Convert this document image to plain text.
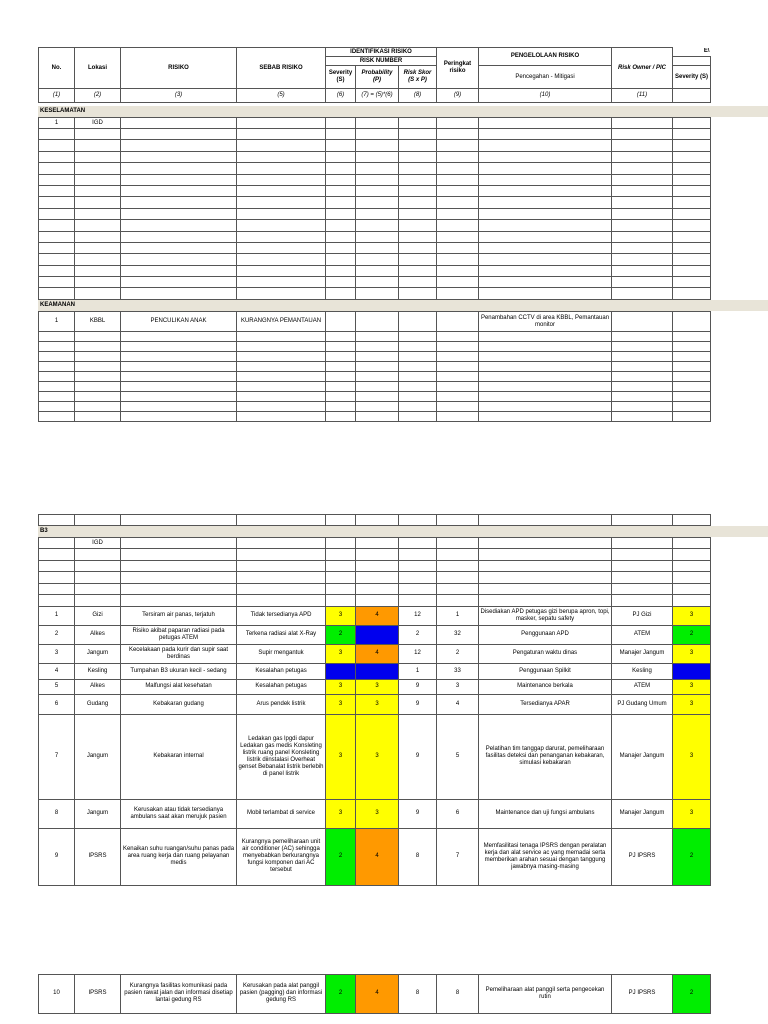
No.	Lokasi	RISIKO	SEBAB RISIKO	IDENTIFIKASI RISIKO			Peringkat risiko	PENGELOLAAN RISIKO	Risk Owner / PIC	E\
				RISK NUMBER						
				Severity (S)	Probability (P)	Risk Skor (S x P)		Pencegahan - Mitigasi		Severity (S)
(1)	(2)	(3)	(5)	(6)	(7) = (5)*(6)	(8)	(9)	(10)	(11)	
KESELAMATAN
1	IGD									

KEAMANAN
1	KBBL	PENCULIKAN ANAK	KURANGNYA PEMANTAUAN					Penambahan CCTV di area KBBL, Pemantauan monitor		

B3
	IGD									

1	Gizi	Tersiram air panas, terjatuh	Tidak tersedianya APD	3	4	12	1	Disediakan APD petugas gizi berupa apron, topi, masker, sepatu safety	PJ Gizi	3
2	Alkes	Risiko akibat paparan radiasi pada petugas ATEM	Terkena radiasi alat X-Ray	2	1	2	32	Penggunaan APD	ATEM	2
3	Jangum	Kecelakaan pada kurir dan supir saat berdinas	Supir mengantuk	3	4	12	2	Pengaturan waktu dinas	Manajer Jangum	3
4	Kesling	Tumpahan B3 ukuran kecil - sedang	Kesalahan petugas	1	1	1	33	Penggunaan Spilkit	Kesling	1
5	Alkes	Malfungsi alat kesehatan	Kesalahan petugas	3	3	9	3	Maintenance berkala	ATEM	3
6	Gudang	Kebakaran gudang	Arus pendek listrik	3	3	9	4	Tersedianya APAR	PJ Gudang Umum	3
7	Jangum	Kebakaran internal	Ledakan gas lpgdi dapur Ledakan gas medis Konsleting listrik ruang panel Konsleting listrik diinstalasi Overheat genset Bebanalat listrik berlebih di panel listrik	3	3	9	5	Pelatihan tim tanggap darurat, pemeliharaan fasilitas deteksi dan penanganan kebakaran, simulasi kebakaran	Manajer Jangum	3
8	Jangum	Kerusakan atau tidak tersedianya ambulans saat akan merujuk pasien	Mobil terlambat di service	3	3	9	6	Maintenance dan uji fungsi ambulans	Manajer Jangum	3
9	IPSRS	Kenaikan suhu ruangan/suhu panas pada area ruang kerja dan ruang pelayanan medis	Kurangnya pemeliharaan unit air conditioner (AC) sehingga menyebabkan berkurangnya fungsi komponen dari AC tersebut	2	4	8	7	Memfasilitasi tenaga IPSRS dengan peralatan kerja dan alat service ac yang memadai serta memberikan arahan sesuai dengan tanggung jawabnya masing-masing	PJ IPSRS	2

10	IPSRS	Kurangnya fasilitas komunikasi pada pasien rawat jalan dan informasi disetiap lantai gedung RS	Kerusakan pada alat panggil pasien (pagging) dan informasi gedung RS	2	4	8	8	Pemeliharaan alat panggil serta pengecekan rutin	PJ IPSRS	2
